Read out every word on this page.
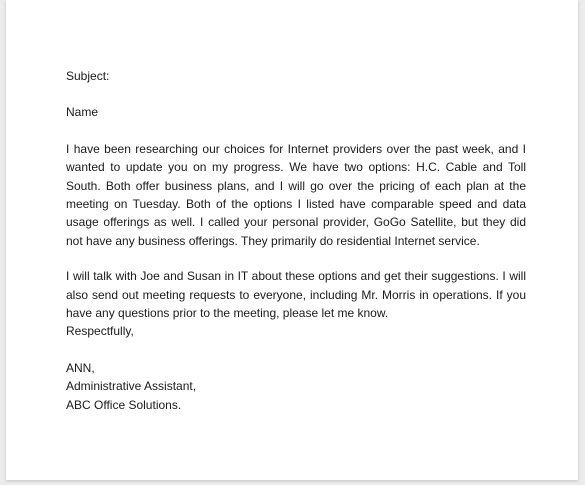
Subject:
Name

I have been researching our choices for Internet providers over the past week, and I wanted to update you on my progress. We have two options: H.C. Cable and Toll South. Both offer business plans, and I will go over the pricing of each plan at the meeting on Tuesday. Both of the options I listed have comparable speed and data usage offerings as well. I called your personal provider, GoGo Satellite, but they did not have any business offerings. They primarily do residential Internet service.

I will talk with Joe and Susan in IT about these options and get their suggestions. I will also send out meeting requests to everyone, including Mr. Morris in operations. If you have any questions prior to the meeting, please let me know.

Respectfully,
ANN,
Administrative Assistant,
ABC Office Solutions.
